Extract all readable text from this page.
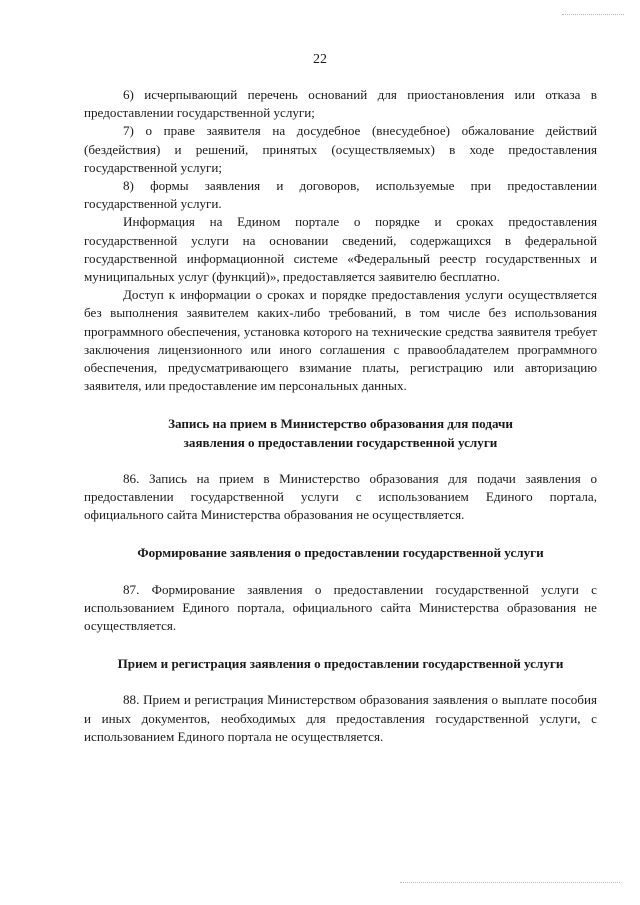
22

6) исчерпывающий перечень оснований для приостановления или отказа в предоставлении государственной услуги;

7) о праве заявителя на досудебное (внесудебное) обжалование действий (бездействия) и решений, принятых (осуществляемых) в ходе предоставления государственной услуги;

8) формы заявления и договоров, используемые при предоставлении государственной услуги.

Информация на Едином портале о порядке и сроках предоставления государственной услуги на основании сведений, содержащихся в федеральной государственной информационной системе «Федеральный реестр государственных и муниципальных услуг (функций)», предоставляется заявителю бесплатно.

Доступ к информации о сроках и порядке предоставления услуги осуществляется без выполнения заявителем каких-либо требований, в том числе без использования программного обеспечения, установка которого на технические средства заявителя требует заключения лицензионного или иного соглашения с правообладателем программного обеспечения, предусматривающего взимание платы, регистрацию или авторизацию заявителя, или предоставление им персональных данных.

Запись на прием в Министерство образования для подачи
заявления о предоставлении государственной услуги

86. Запись на прием в Министерство образования для подачи заявления о предоставлении государственной услуги с использованием Единого портала, официального сайта Министерства образования не осуществляется.

Формирование заявления о предоставлении государственной услуги

87. Формирование заявления о предоставлении государственной услуги с использованием Единого портала, официального сайта Министерства образования не осуществляется.

Прием и регистрация заявления о предоставлении государственной услуги

88. Прием и регистрация Министерством образования заявления о выплате пособия и иных документов, необходимых для предоставления государственной услуги, с использованием Единого портала не осуществляется.
